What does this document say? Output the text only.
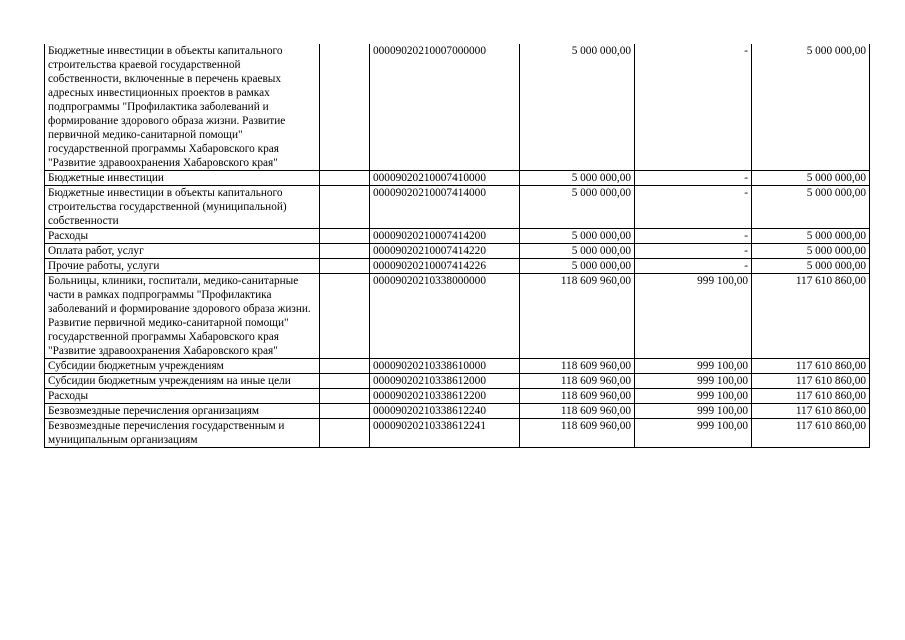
Бюджетные инвестиции в объекты капитального строительства краевой государственной собственности, включенные в перечень краевых адресных инвестиционных проектов в рамках подпрограммы "Профилактика заболеваний и формирование здорового образа жизни. Развитие первичной медико-санитарной помощи" государственной программы Хабаровского края "Развитие здравоохранения Хабаровского края"		00009020210007000000	5 000 000,00	-	5 000 000,00
Бюджетные инвестиции		00009020210007410000	5 000 000,00	-	5 000 000,00
Бюджетные инвестиции в объекты капитального строительства государственной (муниципальной) собственности		00009020210007414000	5 000 000,00	-	5 000 000,00
Расходы		00009020210007414200	5 000 000,00	-	5 000 000,00
Оплата работ, услуг		00009020210007414220	5 000 000,00	-	5 000 000,00
Прочие работы, услуги		00009020210007414226	5 000 000,00	-	5 000 000,00
Больницы, клиники, госпитали, медико-санитарные части в рамках подпрограммы "Профилактика заболеваний и формирование здорового образа жизни. Развитие первичной медико-санитарной помощи" государственной программы Хабаровского края "Развитие здравоохранения Хабаровского края"		00009020210338000000	118 609 960,00	999 100,00	117 610 860,00
Субсидии бюджетным учреждениям		00009020210338610000	118 609 960,00	999 100,00	117 610 860,00
Субсидии бюджетным учреждениям на иные цели		00009020210338612000	118 609 960,00	999 100,00	117 610 860,00
Расходы		00009020210338612200	118 609 960,00	999 100,00	117 610 860,00
Безвозмездные перечисления организациям		00009020210338612240	118 609 960,00	999 100,00	117 610 860,00
Безвозмездные перечисления государственным и муниципальным организациям		00009020210338612241	118 609 960,00	999 100,00	117 610 860,00
